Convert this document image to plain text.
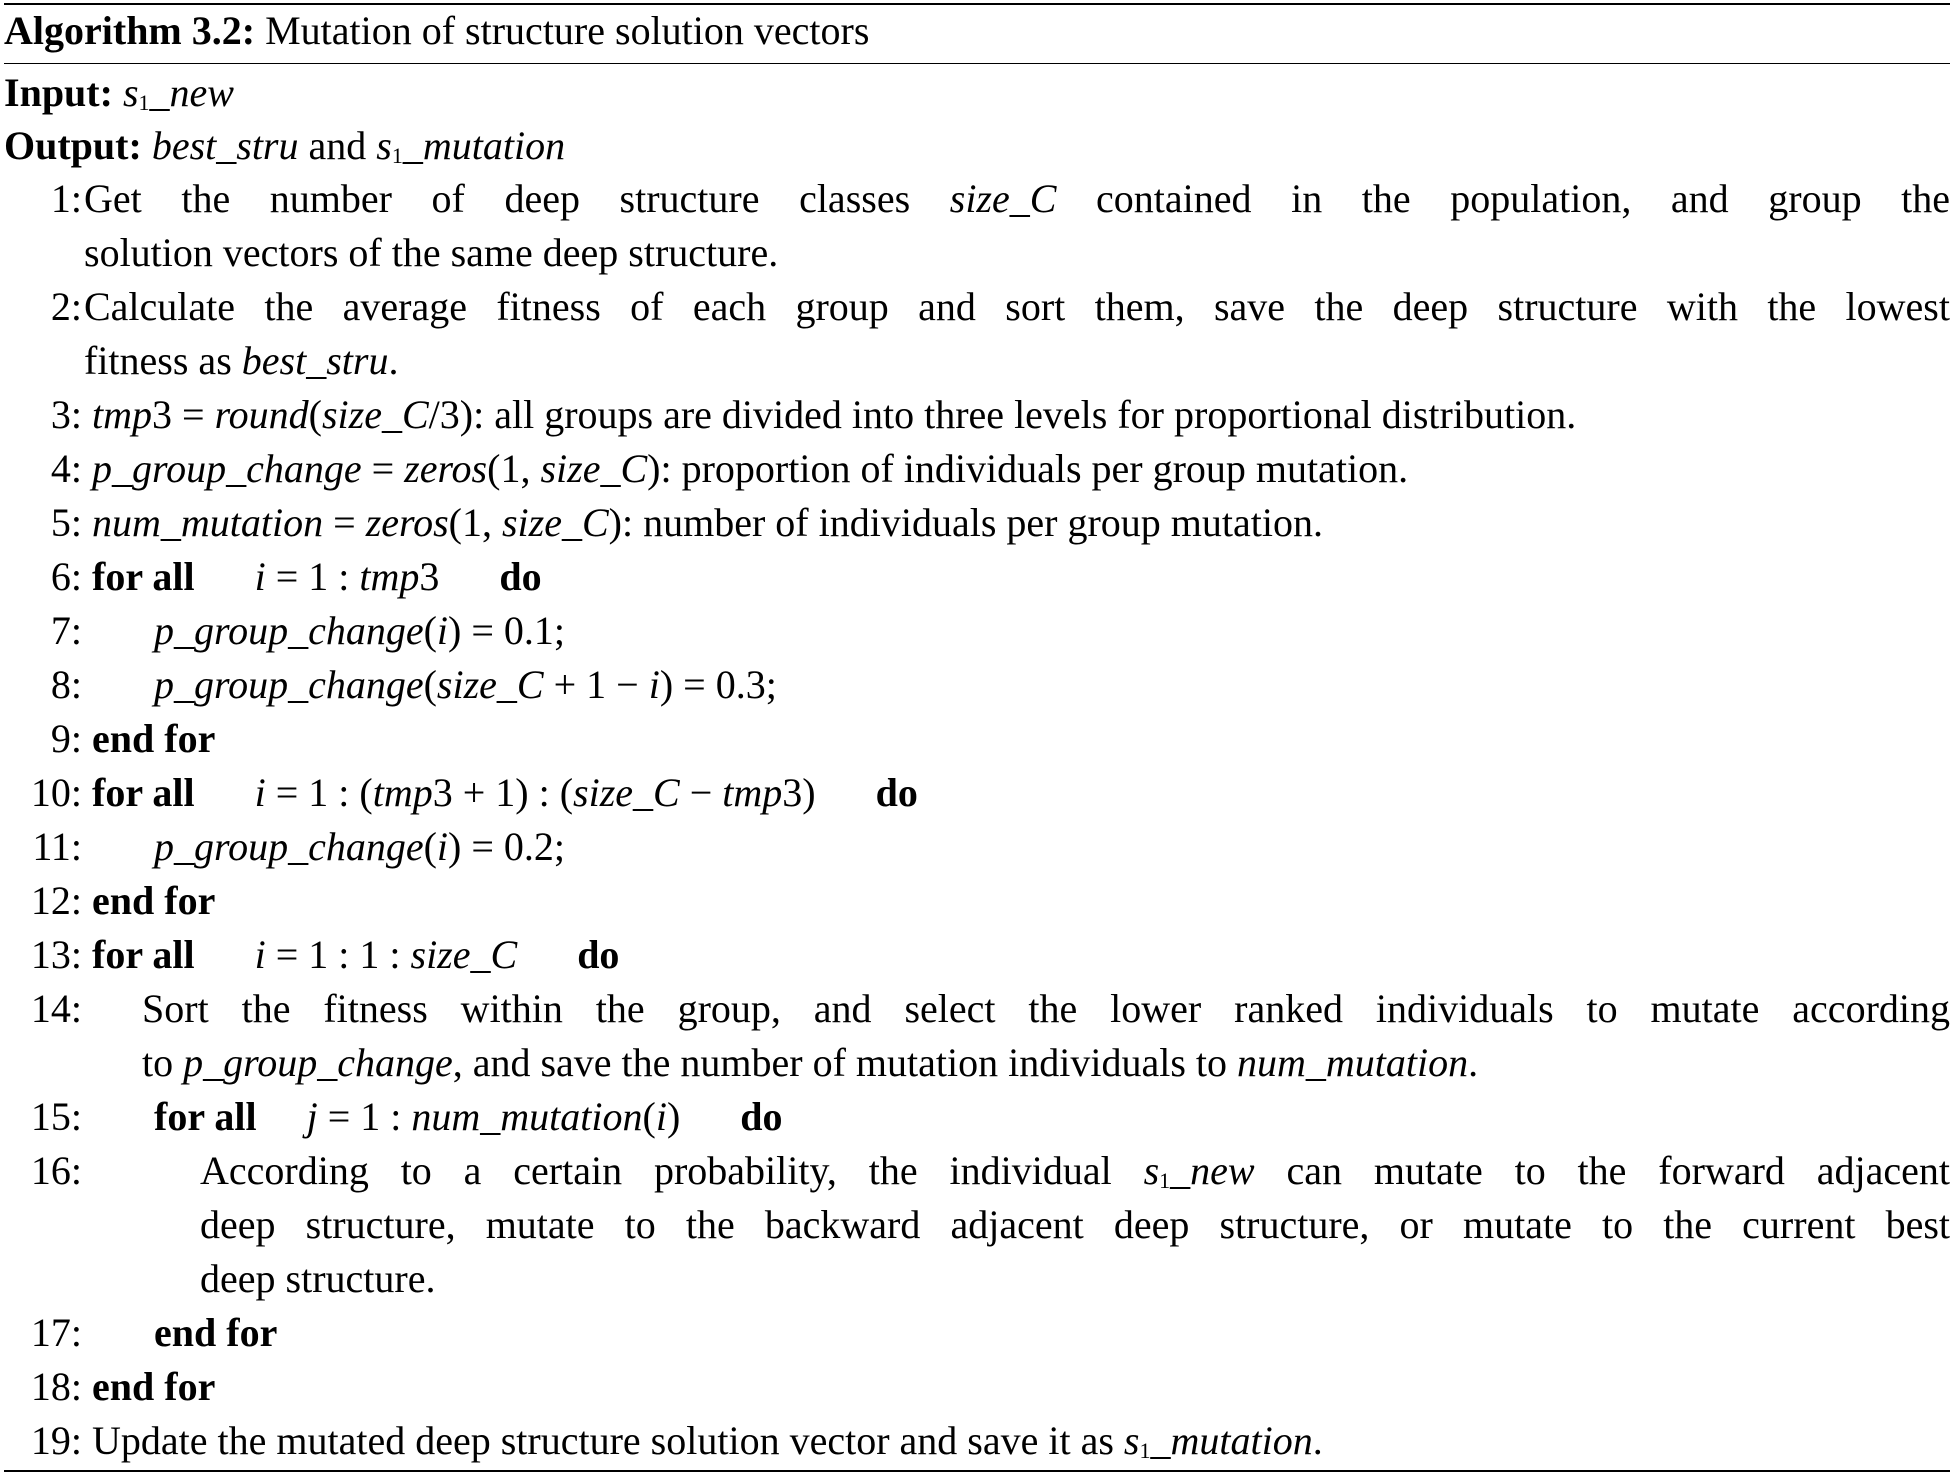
Algorithm 3.2: Mutation of structure solution vectors
Input: $s_1\_new$
Output: best_stru and $s_1\_mutation$
1: Get the number of deep structure classes size_C contained in the population, and group the
solution vectors of the same deep structure.
2: Calculate the average fitness of each group and sort them, save the deep structure with the lowest
fitness as best_stru.
3: tmp3 = round(size_C/3): all groups are divided into three levels for proportional distribution.
4: p_group_change = zeros(1, size_C): proportion of individuals per group mutation.
5: num_mutation = zeros(1, size_C): number of individuals per group mutation.
6: for all i = 1 : tmp3 do
7: p_group_change(i) = 0.1;
8: p_group_change(size_C + 1 − i) = 0.3;
9: end for
10: for all i = 1 : (tmp3 + 1) : (size_C − tmp3) do
11: p_group_change(i) = 0.2;
12: end for
13: for all i = 1 : 1 : size_C do
14: Sort the fitness within the group, and select the lower ranked individuals to mutate according
to p_group_change, and save the number of mutation individuals to num_mutation.
15: for all j = 1 : num_mutation(i) do
16:	According to a certain probability, the individual $s_1\_new$ can mutate to the forward adjacent
deep structure, mutate to the backward adjacent deep structure, or mutate to the current best
deep structure.
17: end for
18: end for
19: Update the mutated deep structure solution vector and save it as $s_1\_mutation$.
